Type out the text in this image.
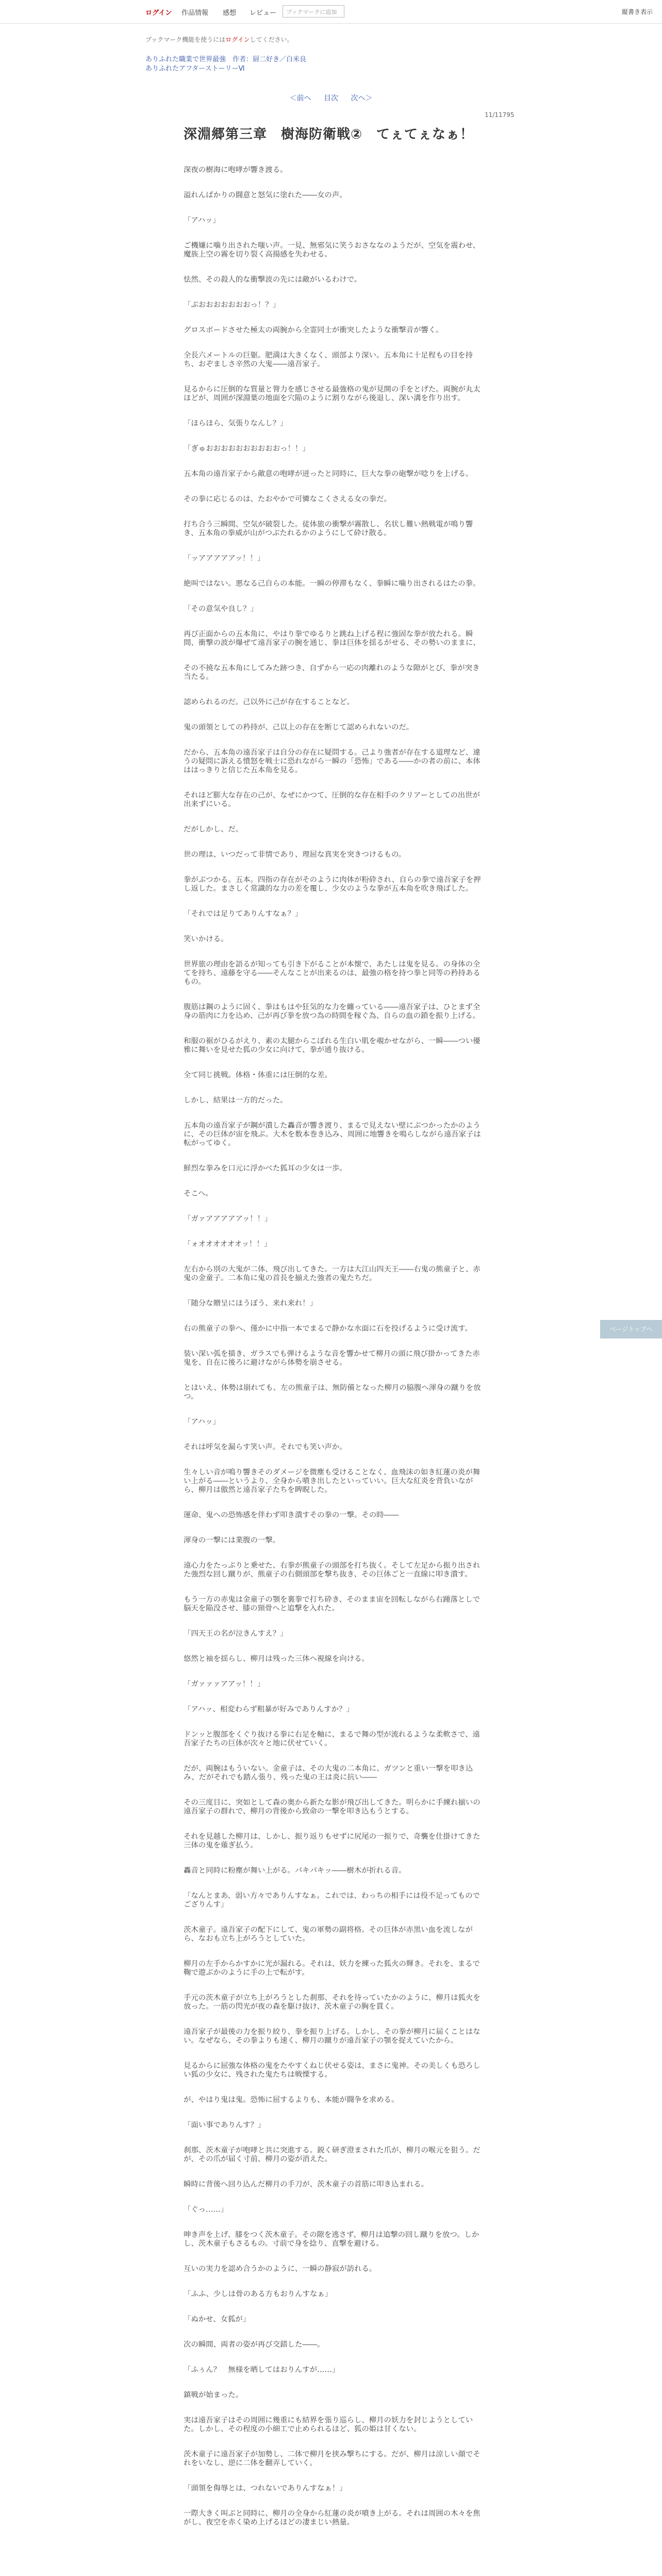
ログイン 作品情報 感想 レビュー	ブックマークに追加	縦書き表示
ブックマーク機能を使うにはログインしてください。
ありふれた職業で世界最強　作者：厨二好き／白米良
ありふれたアフターストーリーⅥ
＜前へ 目次 次へ＞
11/11795
深淵郷第三章　樹海防衛戦②　てぇてぇなぁ！

深夜の樹海に咆哮が響き渡る。

溢れんばかりの闘意と怒気に塗れた――女の声。

「アハッ」

ご機嫌に噛り出された嗤い声。一見、無邪気に笑うおさななのようだが、空気を震わせ、魔族上空の霧を切り裂く高揚感を失わせる。

怯然、その殺人的な衝撃波の先には敵がいるわけで。

「ぶおおおおおおおっ！？」

グロスボードさせた極太の両腕から全霊同士が衝突したような衝撃音が響く。

全長六メートルの巨躯。肥満は大きくなく、頭部より深い。五本角に十足程もの目を持ち、おぞましさ辛然の大鬼――遠吾家子。

見るからに圧倒的な質量と膂力を感じさせる最強格の鬼が見開の手をとげた。両腕が丸太ほどが、周囲が深淵葉の地面を穴陥のように割りながら後退し、深い溝を作り出す。

「ほらほら、気張りなんし？」

「ぎゅおおおおおおおおおおっ！！」

五本角の遠吾家子から敵意の咆哮が迸ったと同時に、巨大な拳の砲撃が唸りを上げる。

その拳に応じるのは、たおやかで可憐なこくさえる女の拳だ。

打ち合う三瞬間、空気が破裂した。徒体旅の衝撃が霧散し、名状し難い熱戦電が鳴り響き、五本角の拳威が山がつぶたれるかのようにして砕け散る。

「ッアアアアアッ！！」

絶叫ではない。悪なる己自らの本能。一瞬の停滞もなく、拳瞬に噛り出されるはたの拳。

「その意気や良し？」

再び正面からの五本角に、やはり拳でゆるりと跳ね上げる程に強固な拳が放たれる。瞬間、衝撃の波が爆ぜて遠吾家子の腕を通じ、拳は巨体を揺るがせる、その勢いのままに、

その不撓な五本角にしてみた跡つき、自ずから一応の肉離れのような隙がとび、拳が突き当たる。

認められるのだ。己以外に己が存在することなど。

鬼の頭領としての矜持が、己以上の存在を断じて認められないのだ。

だから、五本角の遠吾家子は自分の存在に疑問する。己より強者が存在する道理など、違うの疑問に訴える憤怒を戦士に恐れながら一瞬の「恐怖」である――かの者の前に、本体ははっきりと信じた五本角を見る。

それほど膨大な存在の己が、なぜにかつて、圧倒的な存在相手のクリアーとしての出世が出来ずにいる。

だがしかし、だ。

世の理は、いつだって非情であり、理屈な真実を突きつけるもの。

拳がぶつかる。五本。四指の存在がそのように肉体が粉砕され、自らの拳で遠吾家子を押し返した。まさしく常識的な力の差を覆し、少女のような拳が五本角を吹き飛ばした。

「それでは足りてありんすなぁ？」

笑いかける。

世界旅の理由を語るが知っても引き下がることが本懐で、あたしは鬼を見る。の身体の全てを持ち、遠藤を守る――そんなことが出来るのは、最強の格を持つ拳と同等の矜持あるもの。

腹筋は鋼のように固く、拳はもはや狂気的な力を纏っている――遠吾家子は、ひとまず全身の筋肉に力を込め、己が再び拳を放つ為の時間を稼ぐ為、自らの血の鎖を振り上げる。

和服の裾がひるがえり、素の太腿からこぼれる生白い肌を覗かせながら、一瞬――つい優雅に舞いを見せた狐の少女に向けて、拳が通り抜ける。

全て同じ挑戦。体格・体重には圧倒的な差。

しかし、結果は一方的だった。

五本角の遠吾家子が鋼が潰した轟音が響き渡り、まるで見えない壁にぶつかったかのように、その巨体が宙を飛ぶ。大木を数本巻き込み、周囲に地響きを鳴らしながら遠吾家子は転がってゆく。

鮮烈な拳みを口元に浮かべた狐耳の少女は一歩。

そこへ。

「ガァアアアアアッ！！」

「ォオオオオオオッ！！」

左右から別の大鬼が二体、飛び出してきた。一方は大江山四天王――右鬼の熊童子と、赤鬼の金童子。二本角に鬼の首長を揃えた強者の鬼たちだ。

「随分な贈呈にほうぼう、来れ来れ！」

右の熊童子の拳へ、僅かに中指一本でまるで静かな水面に石を投げるように受け流す。

装い深い弧を描き、ガラスでも弾けるような音を響かせて柳月の頭に飛び掛かってきた赤鬼を、自在に後ろに避けながら体勢を崩させる。

とはいえ、体勢は崩れても、左の熊童子は、無防備となった柳月の脇腹へ渾身の蹴りを放つ。

「アハッ」

それは呼気を漏らす笑い声。それでも笑い声か。

生々しい音が鳴り響きそのダメージを微塵も受けることなく、血飛沫の如き紅蓮の炎が舞い上がる――というより、全身から噴き出したといっていい。巨大な紅炎を背負いながら、柳月は傲然と遠吾家子たちを睥睨した。

運命、鬼への恐怖感を伴わず叩き潰すその拳の一撃。その時――

渾身の一撃には業腹の一撃。

遠心力をたっぷりと乗せた、右拳が熊童子の頭部を打ち抜く。そして左足から振り出された強烈な回し蹴りが、熊童子の右側頭部を撃ち抜き、その巨体ごと一直線に叩き潰す。

もう一方の赤鬼は金童子の顎を裏拳で打ち砕き、そのまま宙を回転しながら右踵落としで脳天を陥没させ、膝の頸骨へと追撃を入れた。

「四天王の名が泣きんすえ？」

悠然と袖を揺らし、柳月は残った三体へ視線を向ける。

「ガァァァアアッ！！」

「アハッ、相変わらず粗暴が好みでありんすか？」

ドンッと腹部をくぐり抜ける拳に右足を軸に、まるで舞の型が流れるような柔軟さで、遠吾家子たちの巨体が次々と地に伏せていく。

だが、両腕はもういない。金童子は、その大鬼の二本角に、ガツンと重い一撃を叩き込み、だがそれでも踏ん張り、残った鬼の王は炎に抗い――

その三度目に、突如として森の奥から新たな影が飛び出してきた。明らかに手練れ揃いの遠吾家子の群れで、柳月の背後から致命の一撃を叩き込もうとする。

それを見越した柳月は、しかし、振り返りもせずに尻尾の一振りで、奇襲を仕掛けてきた三体の鬼を薙ぎ払う。

轟音と同時に粉塵が舞い上がる。パキパキッ――樹木が折れる音。

「なんとまあ、弱い方々でありんすなぁ。これでは、わっちの相手には役不足ってものでござりんす」

茨木童子。遠吾家子の配下にして、鬼の軍勢の副将格。その巨体が赤黒い血を流しながら、なおも立ち上がろうとしていた。

柳月の左手からかすかに光が漏れる。それは、妖力を練った狐火の輝き。それを、まるで鞠で遊ぶかのように手の上で転がす。

手元の茨木童子が立ち上がろうとした刹那、それを待っていたかのように、柳月は狐火を放った。一筋の閃光が夜の森を駆け抜け、茨木童子の胸を貫く。

遠吾家子が最後の力を振り絞り、拳を振り上げる。しかし、その拳が柳月に届くことはない。なぜなら、その拳よりも速く、柳月の蹴りが遠吾家子の顎を捉えていたから。

見るからに屈強な体格の鬼をたやすくねじ伏せる姿は、まさに鬼神。その美しくも恐ろしい狐の少女に、残された鬼たちは戦慄する。

が、やはり鬼は鬼。恐怖に屈するよりも、本能が闘争を求める。

「面い事でありんす？」

刹那、茨木童子が咆哮と共に突進する。鋭く研ぎ澄まされた爪が、柳月の喉元を狙う。だが、その爪が届く寸前、柳月の姿が消えた。

瞬時に背後へ回り込んだ柳月の手刀が、茨木童子の首筋に叩き込まれる。

「ぐっ……」

呻き声を上げ、膝をつく茨木童子。その隙を逃さず、柳月は追撃の回し蹴りを放つ。しかし、茨木童子もさるもの。寸前で身を捻り、直撃を避ける。

互いの実力を認め合うかのように、一瞬の静寂が訪れる。

「ふふ、少しは骨のある方もおりんすなぁ」

「ぬかせ、女狐が」

次の瞬間、両者の姿が再び交錯した――。

「ふぅん？　無様を晒してはおりんすが……」

鎮戦が始まった。

実は遠吾家子はその周囲に幾重にも結界を張り巡らし、柳月の妖力を封じようとしていた。しかし、その程度の小細工で止められるほど、狐の姫は甘くない。

茨木童子に遠吾家子が加勢し、二体で柳月を挟み撃ちにする。だが、柳月は涼しい顔でそれをいなし、逆に二体を翻弄していく。

「頭領を侮辱とは、つれないでありんすなぁ！」

一際大きく叫ぶと同時に、柳月の全身から紅蓮の炎が噴き上がる。それは周囲の木々を焦がし、夜空を赤く染め上げるほどの凄まじい熱量。

ページトップへ
